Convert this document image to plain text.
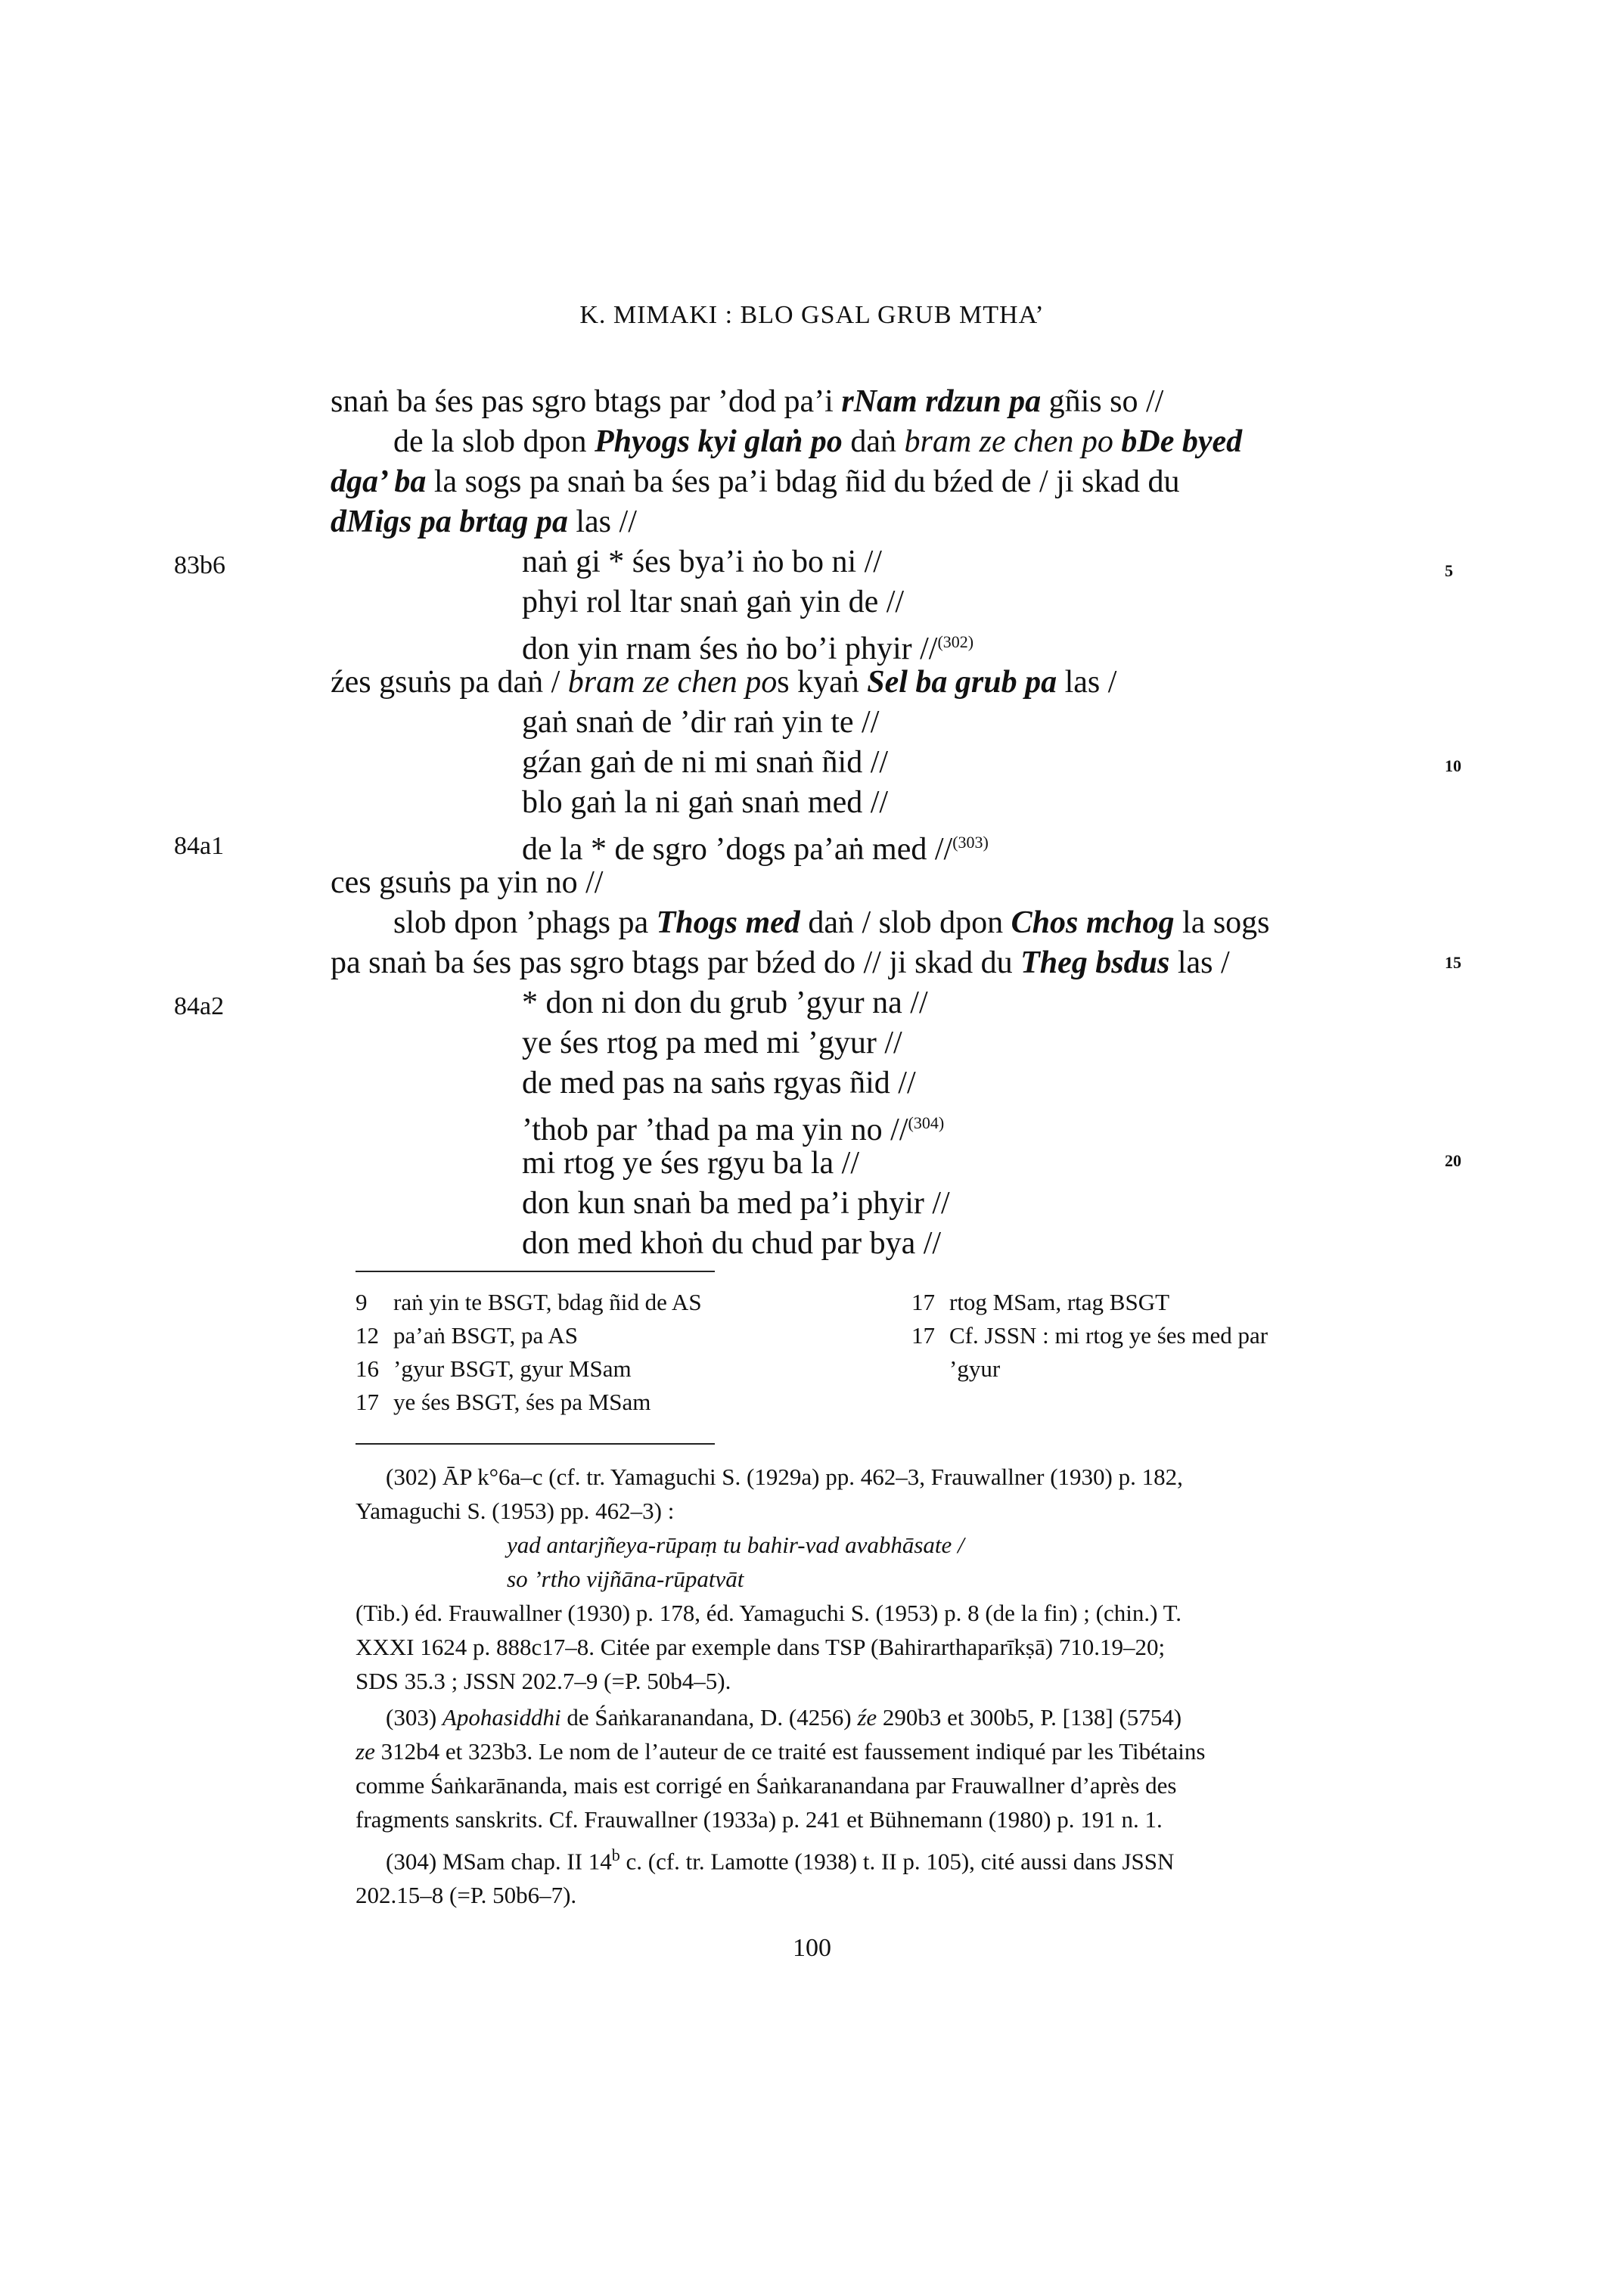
K. MIMAKI : BLO GSAL GRUB MTHA’
snaṅ ba śes pas sgro btags par ’dod pa’i rNam rdzun pa gñis so //
de la slob dpon Phyogs kyi glaṅ po daṅ bram ze chen po bDe byed
dga’ ba la sogs pa snaṅ ba śes pa’i bdag ñid du bźed de / ji skad du
dMigs pa brtag pa las //
83b6	naṅ gi * śes bya’i ṅo bo ni //	5
phyi rol ltar snaṅ gaṅ yin de //
don yin rnam śes ṅo bo’i phyir //$^{(302)}$
źes gsuṅs pa daṅ / bram ze chen pos kyaṅ Sel ba grub pa las /
gaṅ snaṅ de ’dir raṅ yin te //
gźan gaṅ de ni mi snaṅ ñid //	10
blo gaṅ la ni gaṅ snaṅ med //
84a1	de la * de sgro ’dogs pa’aṅ med //$^{(303)}$
ces gsuṅs pa yin no //
slob dpon ’phags pa Thogs med daṅ / slob dpon Chos mchog la sogs
pa snaṅ ba śes pas sgro btags par bźed do // ji skad du Theg bsdus las /	15
84a2	* don ni don du grub ’gyur na //
ye śes rtog pa med mi ’gyur //
de med pas na saṅs rgyas ñid //
’thob par ’thad pa ma yin no //$^{(304)}$
mi rtog ye śes rgyu ba la //	20
don kun snaṅ ba med pa’i phyir //
don med khoṅ du chud par bya //
9 raṅ yin te BSGT, bdag ñid de AS
12 pa’aṅ BSGT, pa AS
16 ’gyur BSGT, gyur MSam
17 ye śes BSGT, śes pa MSam
17 rtog MSam, rtag BSGT
17 Cf. JSSN : mi rtog ye śes med par
’gyur
(302) ĀP k°6a–c (cf. tr. Yamaguchi S. (1929a) pp. 462–3, Frauwallner (1930) p. 182,
Yamaguchi S. (1953) pp. 462–3) :
yad antarjñeya-rūpaṃ tu bahir-vad avabhāsate /
so ’rtho vijñāna-rūpatvāt
(Tib.) éd. Frauwallner (1930) p. 178, éd. Yamaguchi S. (1953) p. 8 (de la fin) ; (chin.) T.
XXXI 1624 p. 888c17–8. Citée par exemple dans TSP (Bahirarthaparīkṣā) 710.19–20;
SDS 35.3 ; JSSN 202.7–9 (=P. 50b4–5).
(303) Apohasiddhi de Śaṅkaranandana, D. (4256) źe 290b3 et 300b5, P. [138] (5754)
ze 312b4 et 323b3. Le nom de l’auteur de ce traité est faussement indiqué par les Tibétains
comme Śaṅkarānanda, mais est corrigé en Śaṅkaranandana par Frauwallner d’après des
fragments sanskrits. Cf. Frauwallner (1933a) p. 241 et Bühnemann (1980) p. 191 n. 1.
(304) MSam chap. II 14$^b$ c. (cf. tr. Lamotte (1938) t. II p. 105), cité aussi dans JSSN
202.15–8 (=P. 50b6–7).
100
